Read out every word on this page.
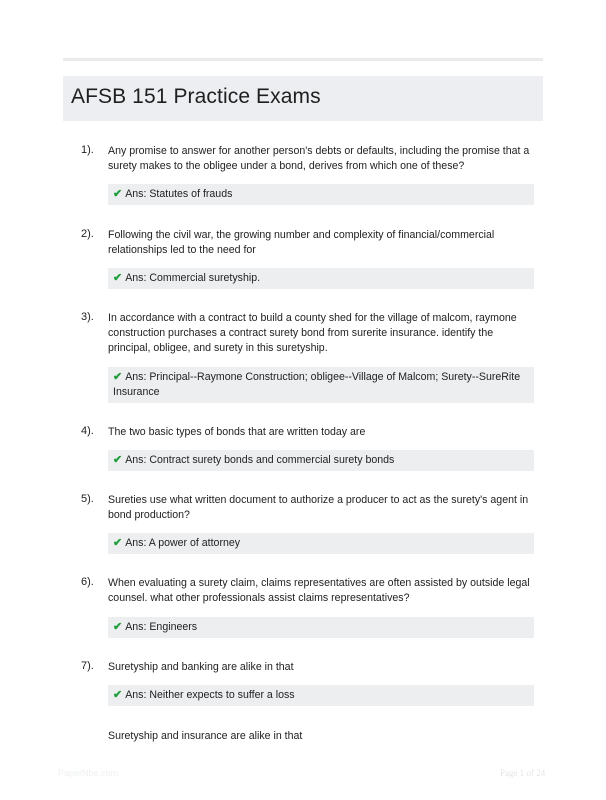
AFSB 151 Practice Exams
1). Any promise to answer for another person's debts or defaults, including the promise that a surety makes to the obligee under a bond, derives from which one of these?
✔ Ans: Statutes of frauds
2). Following the civil war, the growing number and complexity of financial/commercial relationships led to the need for
✔ Ans: Commercial suretyship.
3). In accordance with a contract to build a county shed for the village of malcom, raymone construction purchases a contract surety bond from surerite insurance. identify the principal, obligee, and surety in this suretyship.
✔ Ans: Principal--Raymone Construction; obligee--Village of Malcom; Surety--SureRite Insurance
4). The two basic types of bonds that are written today are
✔ Ans: Contract surety bonds and commercial surety bonds
5). Sureties use what written document to authorize a producer to act as the surety's agent in bond production?
✔ Ans: A power of attorney
6). When evaluating a surety claim, claims representatives are often assisted by outside legal counsel. what other professionals assist claims representatives?
✔ Ans: Engineers
7). Suretyship and banking are alike in that
✔ Ans: Neither expects to suffer a loss
Suretyship and insurance are alike in that
PaperNbe.com	Page 1 of 24
